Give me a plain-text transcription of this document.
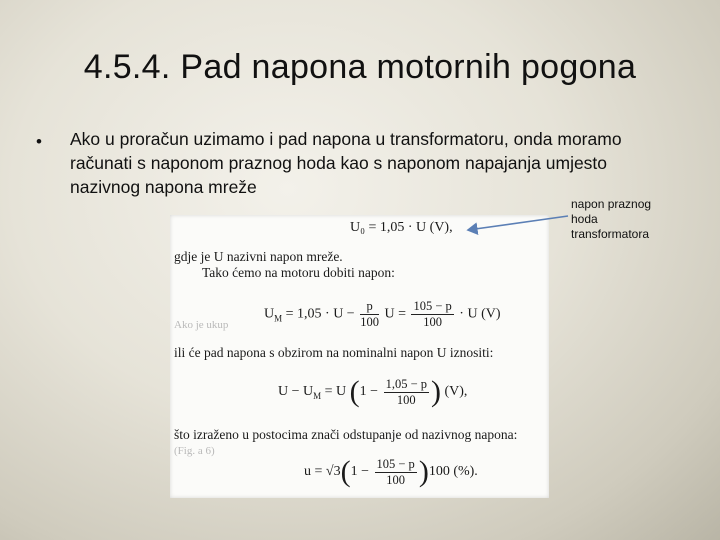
4.5.4. Pad napona motornih pogona
• Ako u proračun uzimamo i pad napona u transformatoru, onda moramo računati s naponom praznog hoda kao s naponom napajanja umjesto nazivnog napona mreže
U₀ = 1,05 · U (V),
gdje je U nazivni napon mreže.
Tako ćemo na motoru dobiti napon:
Ako je ukup
$U_M = 1,05 \cdot U - \frac{p}{100}$ $U = \frac{105 - p}{100} \cdot U$ (V)
ili će pad napona s obzirom na nominalni napon U iznositi:
$U - U_M = U$ ($1 - \frac{1,05 - p}{100}$ ) (V),
što izraženo u postocima znači odstupanje od nazivnog napona:
(Fig. a 6)
$u = √3(1 - \frac{105 - p}{100} )100$ (%).
napon praznog
hoda
transformatora
